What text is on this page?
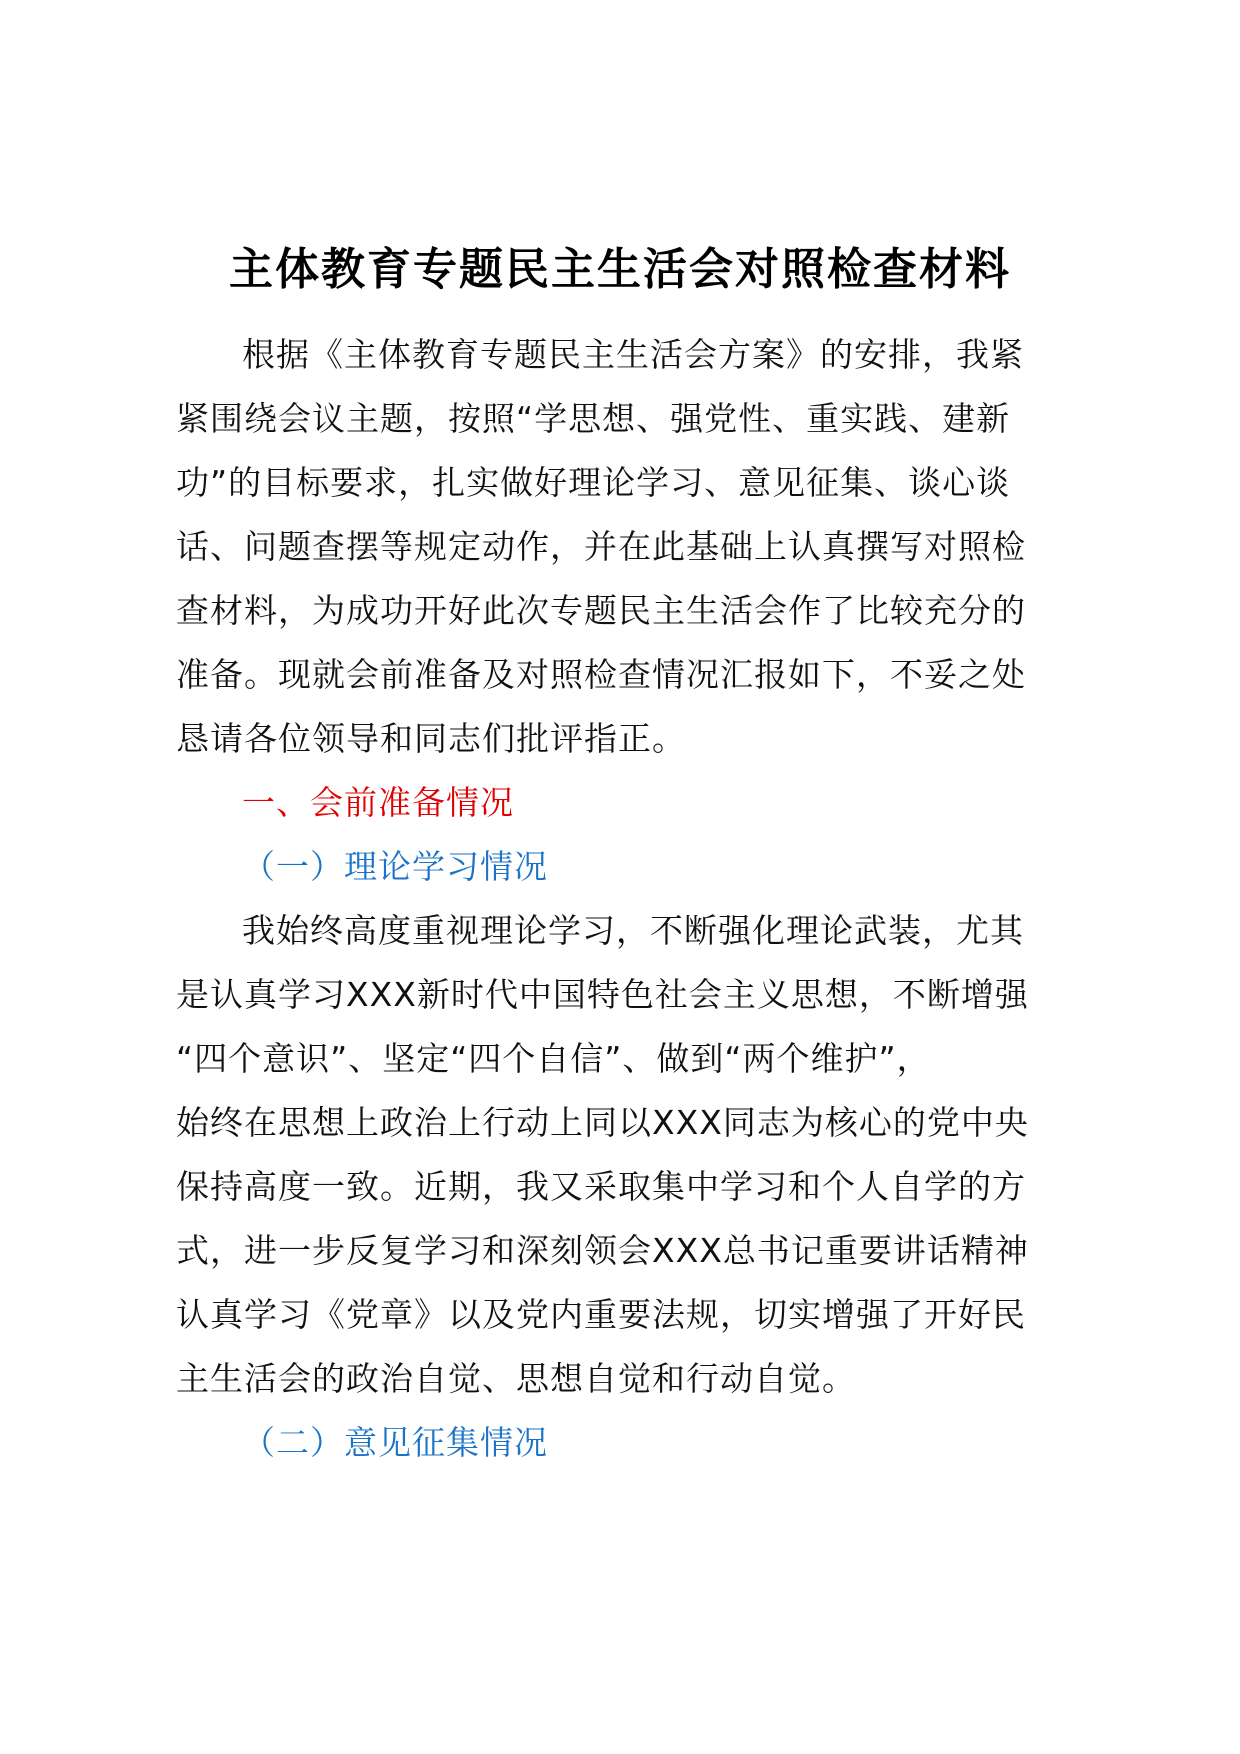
主体教育专题民主生活会对照检查材料
根据《主体教育专题民主生活会方案》的安排，我紧
紧围绕会议主题，按照“学思想、强党性、重实践、建新
功”的目标要求，扎实做好理论学习、意见征集、谈心谈
话、问题查摆等规定动作，并在此基础上认真撰写对照检
查材料，为成功开好此次专题民主生活会作了比较充分的
准备。现就会前准备及对照检查情况汇报如下，不妥之处
恳请各位领导和同志们批评指正。
一、会前准备情况
（一）理论学习情况
我始终高度重视理论学习，不断强化理论武装，尤其
是认真学习XXX新时代中国特色社会主义思想，不断增强
“四个意识”、坚定“四个自信”、做到“两个维护”，
始终在思想上政治上行动上同以XXX同志为核心的党中央
保持高度一致。近期，我又采取集中学习和个人自学的方
式，进一步反复学习和深刻领会XXX总书记重要讲话精神
认真学习《党章》以及党内重要法规，切实增强了开好民
主生活会的政治自觉、思想自觉和行动自觉。
（二）意见征集情况
